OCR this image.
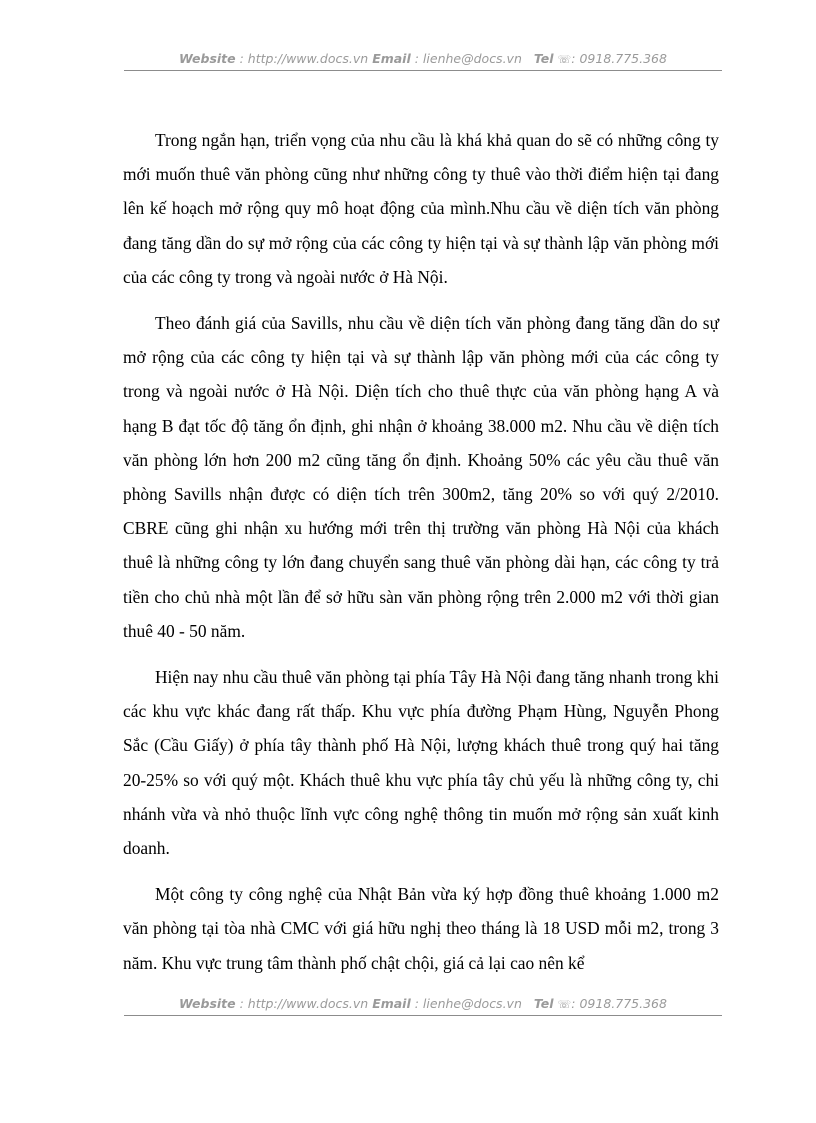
Website : http://www.docs.vn Email : lienhe@docs.vn Tel ☏: 0918.775.368

Trong ngắn hạn, triển vọng của nhu cầu là khá khả quan do sẽ có những công ty mới muốn thuê văn phòng cũng như những công ty thuê vào thời điểm hiện tại đang lên kế hoạch mở rộng quy mô hoạt động của mình.Nhu cầu về diện tích văn phòng đang tăng dần do sự mở rộng của các công ty hiện tại và sự thành lập văn phòng mới của các công ty trong và ngoài nước ở Hà Nội.

Theo đánh giá của Savills, nhu cầu về diện tích văn phòng đang tăng dần do sự mở rộng của các công ty hiện tại và sự thành lập văn phòng mới của các công ty trong và ngoài nước ở Hà Nội. Diện tích cho thuê thực của văn phòng hạng A và hạng B đạt tốc độ tăng ổn định, ghi nhận ở khoảng 38.000 m2. Nhu cầu về diện tích văn phòng lớn hơn 200 m2 cũng tăng ổn định. Khoảng 50% các yêu cầu thuê văn phòng Savills nhận được có diện tích trên 300m2, tăng 20% so với quý 2/2010. CBRE cũng ghi nhận xu hướng mới trên thị trường văn phòng Hà Nội của khách thuê là những công ty lớn đang chuyển sang thuê văn phòng dài hạn, các công ty trả tiền cho chủ nhà một lần để sở hữu sàn văn phòng rộng trên 2.000 m2 với thời gian thuê 40 - 50 năm.

Hiện nay nhu cầu thuê văn phòng tại phía Tây Hà Nội đang tăng nhanh trong khi các khu vực khác đang rất thấp. Khu vực phía đường Phạm Hùng, Nguyễn Phong Sắc (Cầu Giấy) ở phía tây thành phố Hà Nội, lượng khách thuê trong quý hai tăng 20-25% so với quý một. Khách thuê khu vực phía tây chủ yếu là những công ty, chi nhánh vừa và nhỏ thuộc lĩnh vực công nghệ thông tin muốn mở rộng sản xuất kinh doanh.

Một công ty công nghệ của Nhật Bản vừa ký hợp đồng thuê khoảng 1.000 m2 văn phòng tại tòa nhà CMC với giá hữu nghị theo tháng là 18 USD mỗi m2, trong 3 năm. Khu vực trung tâm thành phố chật chội, giá cả lại cao nên kể

Website : http://www.docs.vn Email : lienhe@docs.vn Tel ☏: 0918.775.368
